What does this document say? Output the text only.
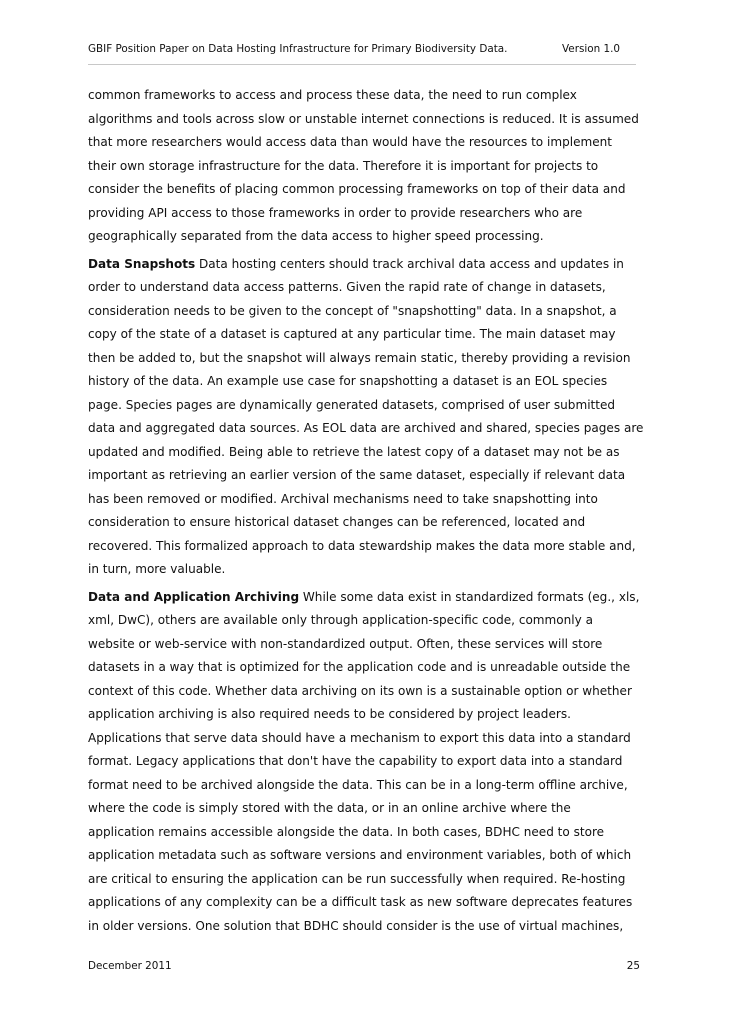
GBIF Position Paper on Data Hosting Infrastructure for Primary Biodiversity Data.	Version 1.0
common frameworks to access and process these data, the need to run complex
algorithms and tools across slow or unstable internet connections is reduced. It is assumed
that more researchers would access data than would have the resources to implement
their own storage infrastructure for the data. Therefore it is important for projects to
consider the benefits of placing common processing frameworks on top of their data and
providing API access to those frameworks in order to provide researchers who are
geographically separated from the data access to higher speed processing.
Data Snapshots Data hosting centers should track archival data access and updates in
order to understand data access patterns. Given the rapid rate of change in datasets,
consideration needs to be given to the concept of "snapshotting" data. In a snapshot, a
copy of the state of a dataset is captured at any particular time. The main dataset may
then be added to, but the snapshot will always remain static, thereby providing a revision
history of the data. An example use case for snapshotting a dataset is an EOL species
page. Species pages are dynamically generated datasets, comprised of user submitted
data and aggregated data sources. As EOL data are archived and shared, species pages are
updated and modified. Being able to retrieve the latest copy of a dataset may not be as
important as retrieving an earlier version of the same dataset, especially if relevant data
has been removed or modified. Archival mechanisms need to take snapshotting into
consideration to ensure historical dataset changes can be referenced, located and
recovered. This formalized approach to data stewardship makes the data more stable and,
in turn, more valuable.
Data and Application Archiving While some data exist in standardized formats (eg., xls,
xml, DwC), others are available only through application-specific code, commonly a
website or web-service with non-standardized output. Often, these services will store
datasets in a way that is optimized for the application code and is unreadable outside the
context of this code. Whether data archiving on its own is a sustainable option or whether
application archiving is also required needs to be considered by project leaders.
Applications that serve data should have a mechanism to export this data into a standard
format. Legacy applications that don't have the capability to export data into a standard
format need to be archived alongside the data. This can be in a long-term offline archive,
where the code is simply stored with the data, or in an online archive where the
application remains accessible alongside the data. In both cases, BDHC need to store
application metadata such as software versions and environment variables, both of which
are critical to ensuring the application can be run successfully when required. Re-hosting
applications of any complexity can be a difficult task as new software deprecates features
in older versions. One solution that BDHC should consider is the use of virtual machines,
December 2011	25
